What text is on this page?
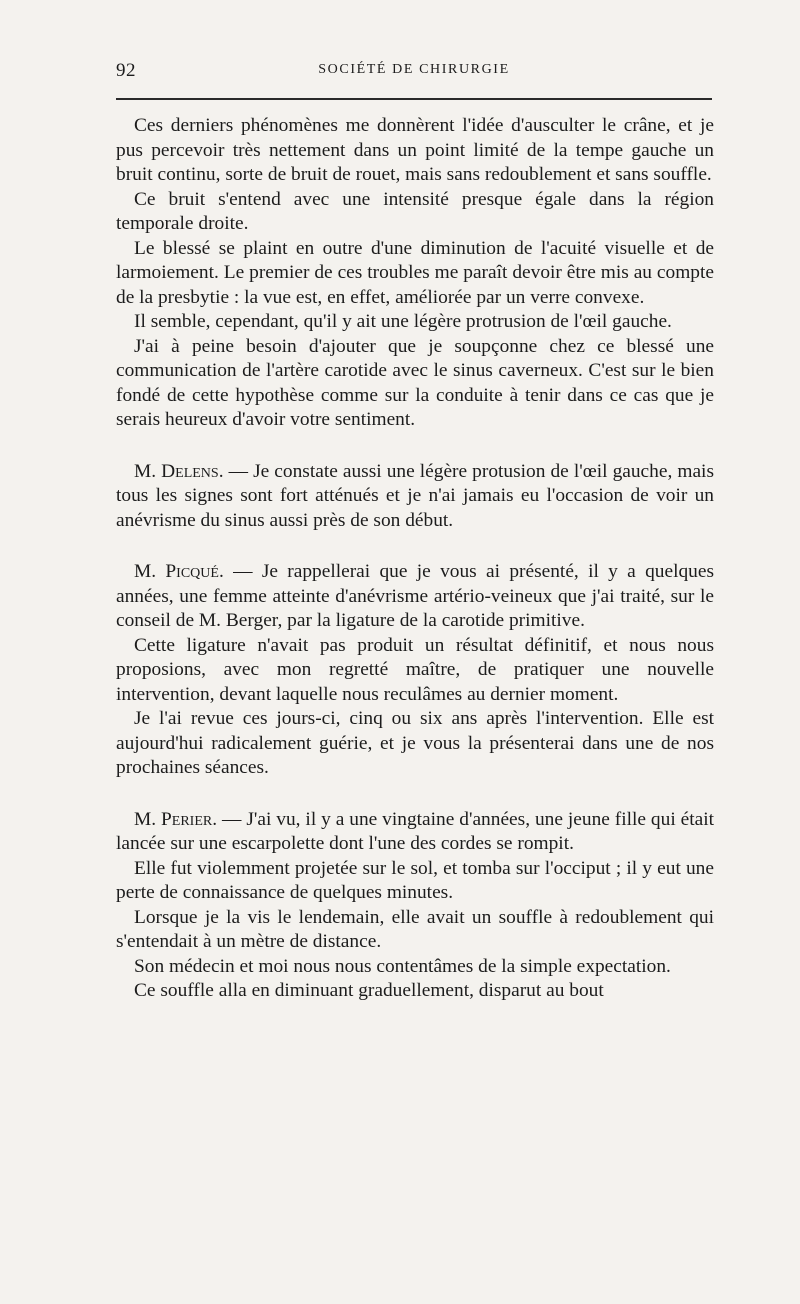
92	SOCIÉTÉ DE CHIRURGIE

Ces derniers phénomènes me donnèrent l'idée d'ausculter le crâne, et je pus percevoir très nettement dans un point limité de la tempe gauche un bruit continu, sorte de bruit de rouet, mais sans redoublement et sans souffle.

Ce bruit s'entend avec une intensité presque égale dans la région temporale droite.

Le blessé se plaint en outre d'une diminution de l'acuité visuelle et de larmoiement. Le premier de ces troubles me paraît devoir être mis au compte de la presbytie : la vue est, en effet, améliorée par un verre convexe.

Il semble, cependant, qu'il y ait une légère protrusion de l'œil gauche.

J'ai à peine besoin d'ajouter que je soupçonne chez ce blessé une communication de l'artère carotide avec le sinus caverneux. C'est sur le bien fondé de cette hypothèse comme sur la conduite à tenir dans ce cas que je serais heureux d'avoir votre sentiment.

M. Delens. — Je constate aussi une légère protusion de l'œil gauche, mais tous les signes sont fort atténués et je n'ai jamais eu l'occasion de voir un anévrisme du sinus aussi près de son début.

M. Picqué. — Je rappellerai que je vous ai présenté, il y a quelques années, une femme atteinte d'anévrisme artério-veineux que j'ai traité, sur le conseil de M. Berger, par la ligature de la carotide primitive.

Cette ligature n'avait pas produit un résultat définitif, et nous nous proposions, avec mon regretté maître, de pratiquer une nouvelle intervention, devant laquelle nous reculâmes au dernier moment.

Je l'ai revue ces jours-ci, cinq ou six ans après l'intervention. Elle est aujourd'hui radicalement guérie, et je vous la présenterai dans une de nos prochaines séances.

M. Perier. — J'ai vu, il y a une vingtaine d'années, une jeune fille qui était lancée sur une escarpolette dont l'une des cordes se rompit.

Elle fut violemment projetée sur le sol, et tomba sur l'occiput ; il y eut une perte de connaissance de quelques minutes.

Lorsque je la vis le lendemain, elle avait un souffle à redoublement qui s'entendait à un mètre de distance.

Son médecin et moi nous nous contentâmes de la simple expectation.

Ce souffle alla en diminuant graduellement, disparut au bout
